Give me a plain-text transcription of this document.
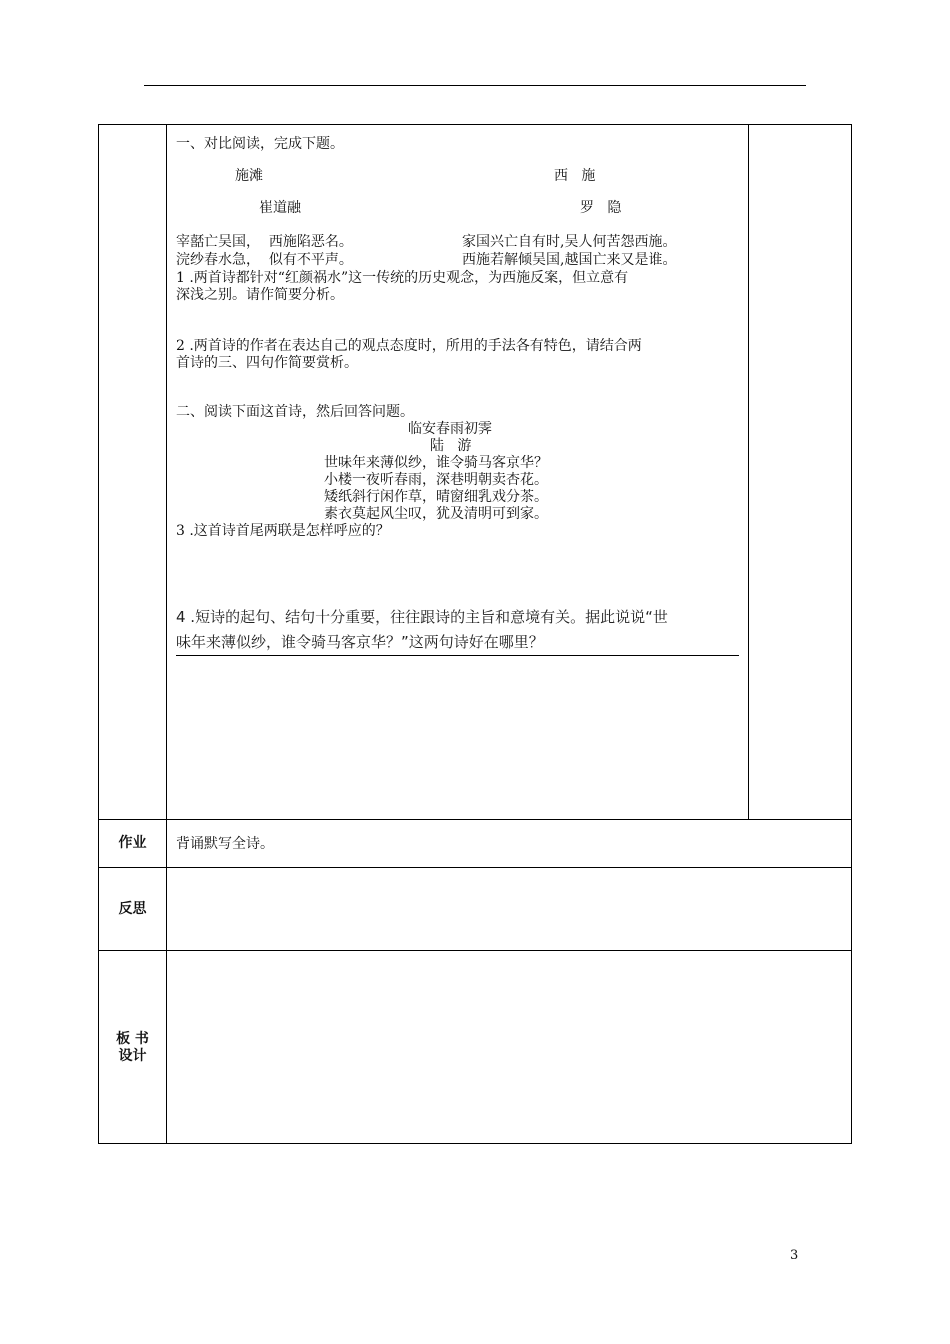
一、对比阅读，完成下题。
施滩	西   施
崔道融	罗   隐
宰嚭亡吴国，  西施陷恶名。	家国兴亡自有时,吴人何苦怨西施。
浣纱春水急，  似有不平声。	西施若解倾吴国,越国亡来又是谁。
1 .两首诗都针对“红颜祸水”这一传统的历史观念，为西施反案，但立意有
深浅之别。请作简要分析。
2 .两首诗的作者在表达自己的观点态度时，所用的手法各有特色，请结合两
首诗的三、四句作简要赏析。
二、阅读下面这首诗，然后回答问题。
临安春雨初霁
陆   游
世味年来薄似纱，谁令骑马客京华？
小楼一夜听春雨，深巷明朝卖杏花。
矮纸斜行闲作草，晴窗细乳戏分茶。
素衣莫起风尘叹，犹及清明可到家。
3 .这首诗首尾两联是怎样呼应的？
4 .短诗的起句、结句十分重要，往往跟诗的主旨和意境有关。据此说说“世
味年来薄似纱，谁令骑马客京华？”这两句诗好在哪里？
作业	背诵默写全诗。
反思
板 书
设计
3
